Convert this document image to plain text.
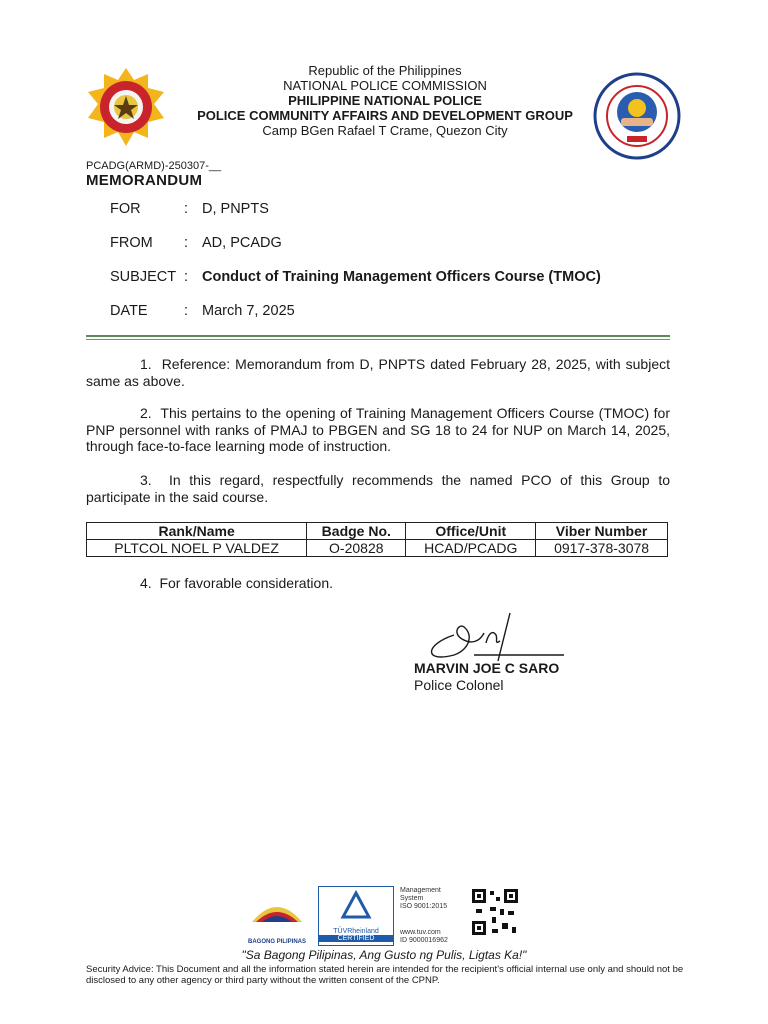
Republic of the Philippines
NATIONAL POLICE COMMISSION
PHILIPPINE NATIONAL POLICE
POLICE COMMUNITY AFFAIRS AND DEVELOPMENT GROUP
Camp BGen Rafael T Crame, Quezon City
PCADG(ARMD)-250307-__
MEMORANDUM
FOR	: D, PNPTS
FROM	: AD, PCADG
SUBJECT : Conduct of Training Management Officers Course (TMOC)
DATE	: March 7, 2025
1. Reference: Memorandum from D, PNPTS dated February 28, 2025, with subject same as above.
2. This pertains to the opening of Training Management Officers Course (TMOC) for PNP personnel with ranks of PMAJ to PBGEN and SG 18 to 24 for NUP on March 14, 2025, through face-to-face learning mode of instruction.
3. In this regard, respectfully recommends the named PCO of this Group to participate in the said course.
Rank/Name	Badge No.	Office/Unit	Viber Number
PLTCOL NOEL P VALDEZ	O-20828	HCAD/PCADG	0917-378-3078
4. For favorable consideration.
MARVIN JOE C SARO
Police Colonel
BAGONG PILIPINAS
TÜVRheinland
CERTIFIED
Management
System
ISO 9001:2015
www.tuv.com
ID 9000016962
"Sa Bagong Pilipinas, Ang Gusto ng Pulis, Ligtas Ka!"
Security Advice: This Document and all the information stated herein are intended for the recipient's official internal use only and should not be disclosed to any other agency or third party without the written consent of the CPNP.
